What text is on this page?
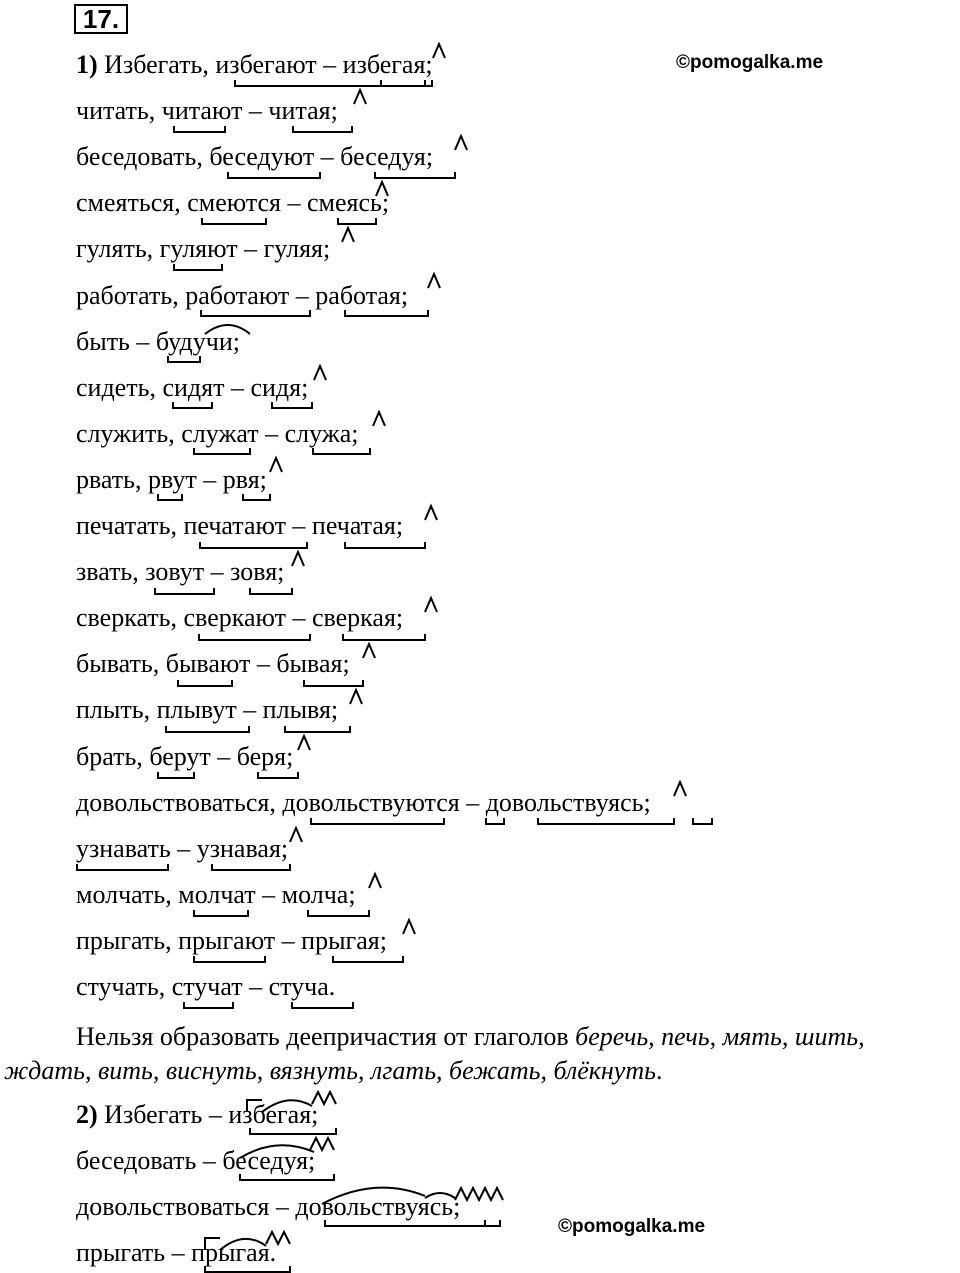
17.
©pomogalka.me
1) Избегать, избегают – избегая;
читать, читают – читая;
беседовать, беседуют – беседуя;
смеяться, смеются – смеясь;
гулять, гуляют – гуляя;
работать, работают – работая;
быть – будучи;
сидеть, сидят – сидя;
служить, служат – служа;
рвать, рвут – рвя;
печатать, печатают – печатая;
звать, зовут – зовя;
сверкать, сверкают – сверкая;
бывать, бывают – бывая;
плыть, плывут – плывя;
брать, берут – беря;
довольствоваться, довольствуются – довольствуясь;
узнавать – узнавая;
молчать, молчат – молча;
прыгать, прыгают – прыгая;
стучать, стучат – стуча.
Нельзя образовать деепричастия от глаголов беречь, печь, мять, шить,
ждать, вить, виснуть, вязнуть, лгать, бежать, блёкнуть.
2) Избегать – избегая;
беседовать – беседуя;
довольствоваться – довольствуясь;
прыгать – прыгая.
©pomogalka.me
